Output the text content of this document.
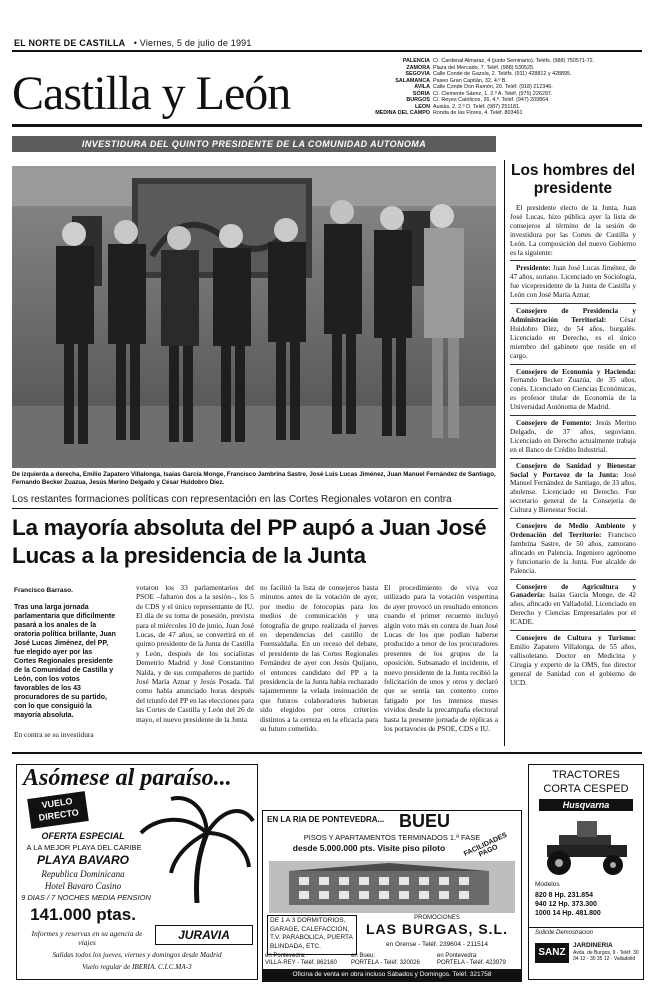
EL NORTE DE CASTILLA • Viernes, 5 de julio de 1991
Castilla y León
PALENCIA C/. Cardenal Almaraz, 4 (junto Seminario). Teléfs. (988) 750571-72.
ZAMORA Plaza del Mercado, 7. Teléf. (988) 530525.
SEGOVIA Calle Conde de Gazola, 2. Teléfs. (911) 428812 y 428895.
SALAMANCA Paseo Gran Capitán, 32, 4.º B.
AVILA Calle Conde Don Ramón, 20. Teléf. (918) 212346.
SORIA C/. Clemente Sáenz, 1. 2.º A. Teléf. (975) 226297.
BURGOS C/. Reyes Católicos, 26, 4.º. Teléf. (947) 209864.
LEON Ausiàs, 2, 2.º D. Teléf. (987) 251181.
MEDINA DEL CAMPO Ronda de las Flores, 4. Teléf. 803461
INVESTIDURA DEL QUINTO PRESIDENTE DE LA COMUNIDAD AUTONOMA
De izquierda a derecha, Emilio Zapatero Villalonga, Isaías García Monge, Francisco Jambrina Sastre, José Luis Lucas Jiménez, Juan Manuel Fernández de Santiago, Fernando Becker Zuazua, Jesús Merino Delgado y César Huidobro Díez.
Los restantes formaciones políticas con representación en las Cortes Regionales votaron en contra
La mayoría absoluta del PP aupó a Juan José Lucas a la presidencia de la Junta
Francisco Barraso.
Tras una larga jornada parlamentaria que difícilmente pasará a los anales de la oratoria política brillante, Juan José Lucas Jiménez, del PP, fue elegido ayer por las Cortes Regionales presidente de la Comunidad de Castilla y León, con los votos favorables de los 43 procuradores de su partido, con lo que consiguió la mayoría absoluta.
En contra se su investidura
votaron los 33 parlamentarios del PSOE –faltaron dos a la sesión–, los 5 de CDS y el único representante de IU. El día de su toma de posesión, prevista para el miércoles 10 de junio, Juan José Lucas, de 47 años, se convertirá en el quinto presidente de la Junta de Castilla y León, después de los socialistas Demetrio Madrid y José Constantino Nalda, y de sus compañeros de partido José María Aznar y Jesús Posada. Tal como había anunciado horas después del triunfo del PP en las elecciones para las Cortes de Castilla y León del 26 de mayo, el nuevo presidente de la Junta
no facilitó la lista de consejeros hasta minutos antes de la votación de ayer, por medio de fotocopias para los medios de comunicación y una fotografía de grupo realizada el jueves en dependencias del castillo de Fuensaldaña. En un receso del debate, el presidente de las Cortes Regionales Fernández de ayer con Jesús Quijano, el entonces candidato del PP a la presidencia de la Junta había rechazado tajantemente la velada insinuación de que futuros colaboradores hubieran sido elegidos por otros criterios distintos a la certeza en la eficacia para su futuro cometido.
El procedimiento de viva voz utilizado para la votación vespertina de ayer provocó un resultado entonces cuando el primer recuento incluyó algún voto más en contra de Juan José Lucas de los que podían haberse producido a tenor de los procuradores presentes de los grupos de la oposición. Subsanado el incidente, el nuevo presidente de la Junta recibió la felicitación de unos y otros y declaró que se sentía tan contento como fatigado por los intensos meses vividos desde la precampaña electoral hasta la presente jornada de réplicas a los portavoces de PSOE, CDS e IU.
Los hombres del presidente

El presidente electo de la Junta, Juan José Lucas, hizo pública ayer la lista de consejeros al término de la sesión de investidura por las Cortes de Castilla y León. La composición del nuevo Gobierno es la siguiente:

Presidente: Juan José Lucas Jiménez, de 47 años, soriano. Licenciado en Sociología, fue vicepresidente de la Junta de Castilla y León con José María Aznar.

Consejero de Presidencia y Administración Territorial: César Huidobro Díez, de 54 años, burgalés. Licenciado en Derecho, es el único miembro del gabinete que reside en el cargo.

Consejero de Economía y Hacienda: Fernando Becker Zuazúa, de 35 años, conés. Licenciado en Ciencias Económicas, es profesor titular de Economía de la Universidad Autónoma de Madrid.

Consejero de Fomento: Jesús Merino Delgado, de 37 años, segoviano. Licenciado en Derecho actualmente trabaja en el Banco de Crédito Industrial.

Consejero de Sanidad y Bienestar Social y Portavoz de la Junta: José Manuel Fernández de Santiago, de 33 años, abulense. Licenciado en Derecho. Fue secretario general de la Consejería de Cultura y Bienestar Social.

Consejero de Medio Ambiente y Ordenación del Territorio: Francisco Jambrina Sastre, de 50 años, zamorano afincado en Palencia. Ingeniero agrónomo y funcionario de la Junta. Fue alcalde de Palencia.

Consejero de Agricultura y Ganadería: Isaías García Monge, de 42 años, afincado en Valladolid. Licenciado en Derecho y Ciencias Empresariales por el ICADE.

Consejero de Cultura y Turismo: Emilio Zapatero Villalonga, de 55 años, vallisoletano. Doctor en Medicina y Cirugía y experto de la OMS, fue director general de Sanidad con el gobierno de UCD.

Asómese al paraíso...
VUELO DIRECTO
OFERTA ESPECIAL
A LA MEJOR PLAYA DEL CARIBE
PLAYA BAVARO
Republica Dominicana
Hotel Bavaro Casino
9 DIAS / 7 NOCHES MEDIA PENSION
141.000 ptas.
JURAVIA
Informes y reservas en su agencia de viajes
Salidas todos los jueves, viernes y domingos desde Madrid
Vuelo regular de IBERIA. C.I.C.MA-3
EN LA RIA DE PONTEVEDRA... BUEU
PISOS Y APARTAMENTOS TERMINADOS 1.ª FASE
desde 5.000.000 pts. Visite piso piloto	FACILIDADES PAGO
DE 1 A 3 DORMITORIOS, GARAGE, CALEFACCION, T.V. PARABOLICA, PUERTA BLINDADA, ETC.
PROMOCIONES
LAS BURGAS, S.L.
en Orense - Teléf. 239604 - 211514
en Pontevedra:
VILLA-REY - Teléf. 862160
en Bueu:
PORTELA - Teléf. 320026
en Pontevedra:
PORTELA - Teléf. 423979
Oficina de venta en obra incluso Sábados y Domingos. Teléf. 321758
TRACTORES
CORTA CESPED
Husqvarna
Modelos
820 8 Hp. 231.854
940 12 Hp. 373.300
1000 14 Hp. 481.800
Solicite Demostracion
SANZ
JARDINERIA
Avda. de Burgos, 9 · Teléf. 30 34 12 - 30 35 12 · Valladolid
